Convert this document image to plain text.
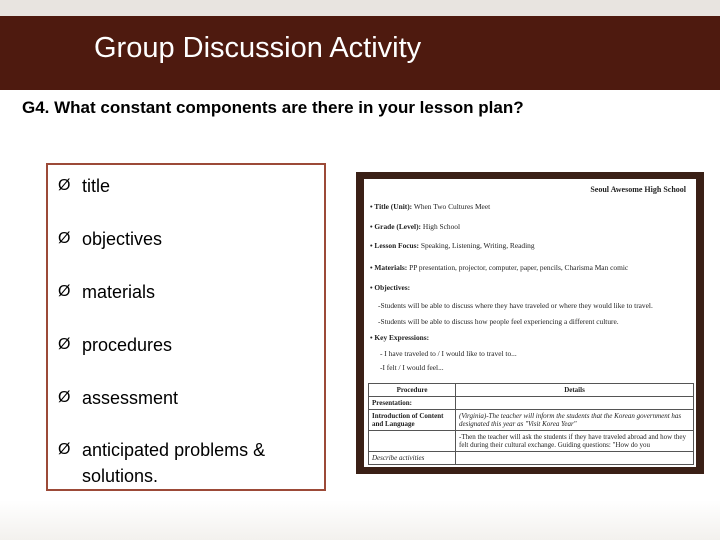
Group Discussion Activity
G4. What constant components are there in your lesson plan?
Ø title
Ø objectives
Ø materials
Ø procedures
Ø assessment
Ø anticipated problems & solutions.
Seoul Awesome High School
• Title (Unit): When Two Cultures Meet
• Grade (Level): High School
• Lesson Focus: Speaking, Listening, Writing, Reading
• Materials: PP presentation, projector, computer, paper, pencils, Charisma Man comic
• Objectives:
-Students will be able to discuss where they have traveled or where they would like to travel.
-Students will be able to discuss how people feel experiencing a different culture.
• Key Expressions:
- I have traveled to / I would like to travel to...
-I felt / I would feel...
Procedure	Details
Presentation:	
Introduction of Content and Language	(Virginia)-The teacher will inform the students that the Korean government has designated this year as "Visit Korea Year"
	-Then the teacher will ask the students if they have traveled abroad and how they felt during their cultural exchange. Guiding questions: "How do you
Describe activities	
